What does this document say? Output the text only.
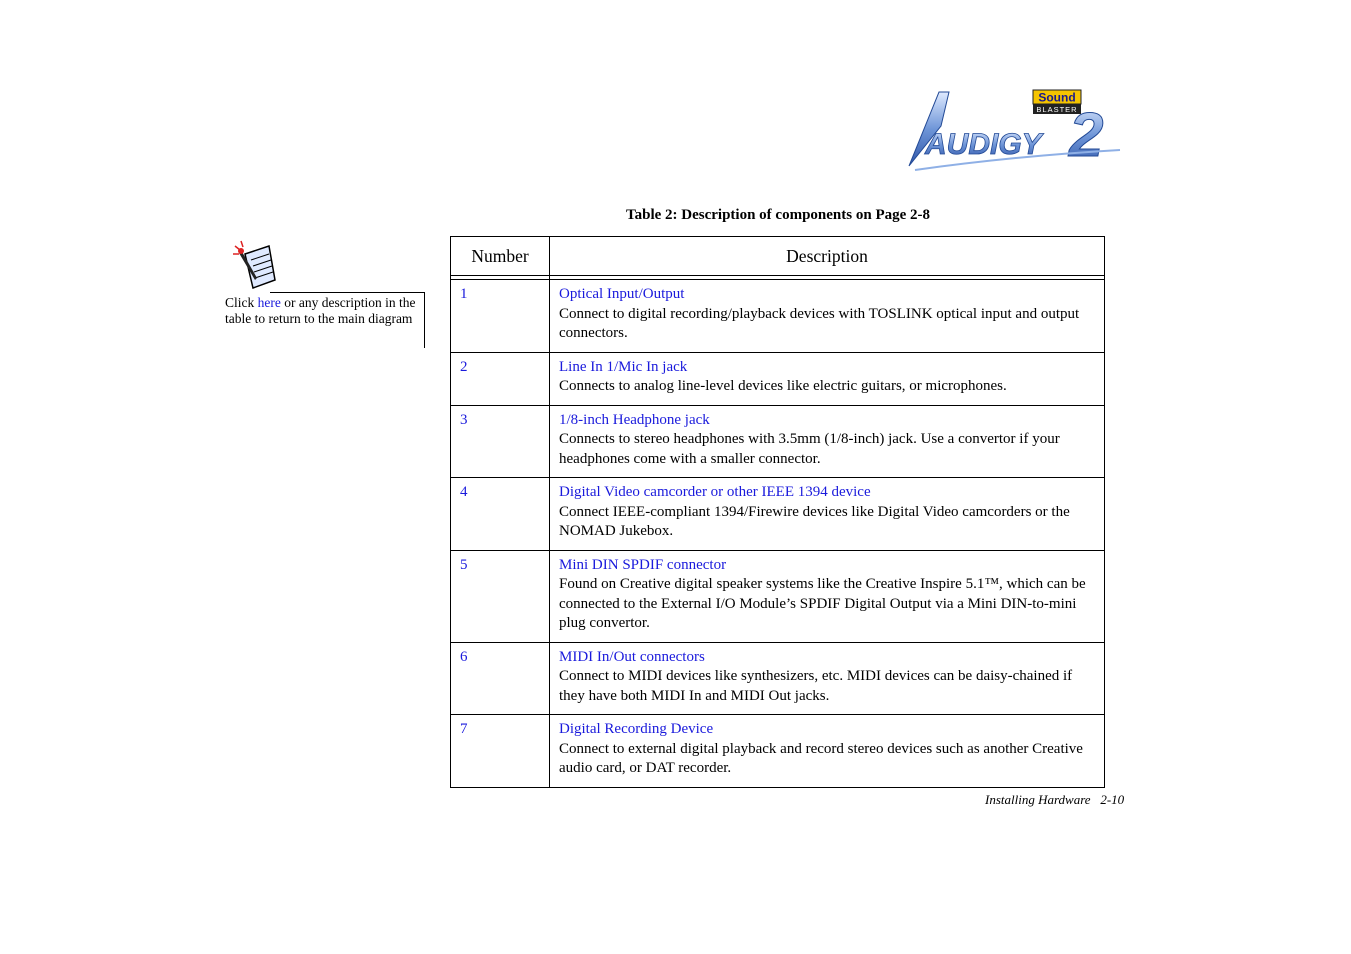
Sound
BLASTER
AUDIGY 2
Table 2: Description of components on Page 2-8
Click here or any description in the table to return to the main diagram
Number	Description

1	Optical Input/Output
Connect to digital recording/playback devices with TOSLINK optical input and output connectors.
2	Line In 1/Mic In jack
Connects to analog line-level devices like electric guitars, or microphones.
3	1/8-inch Headphone jack
Connects to stereo headphones with 3.5mm (1/8-inch) jack. Use a convertor if your headphones come with a smaller connector.
4	Digital Video camcorder or other IEEE 1394 device
Connect IEEE-compliant 1394/Firewire devices like Digital Video camcorders or the NOMAD Jukebox.
5	Mini DIN SPDIF connector
Found on Creative digital speaker systems like the Creative Inspire 5.1™, which can be connected to the External I/O Module’s SPDIF Digital Output via a Mini DIN-to-mini plug convertor.
6	MIDI In/Out connectors
Connect to MIDI devices like synthesizers, etc. MIDI devices can be daisy-chained if they have both MIDI In and MIDI Out jacks.
7	Digital Recording Device
Connect to external digital playback and record stereo devices such as another Creative audio card, or DAT recorder.
Installing Hardware 2-10
